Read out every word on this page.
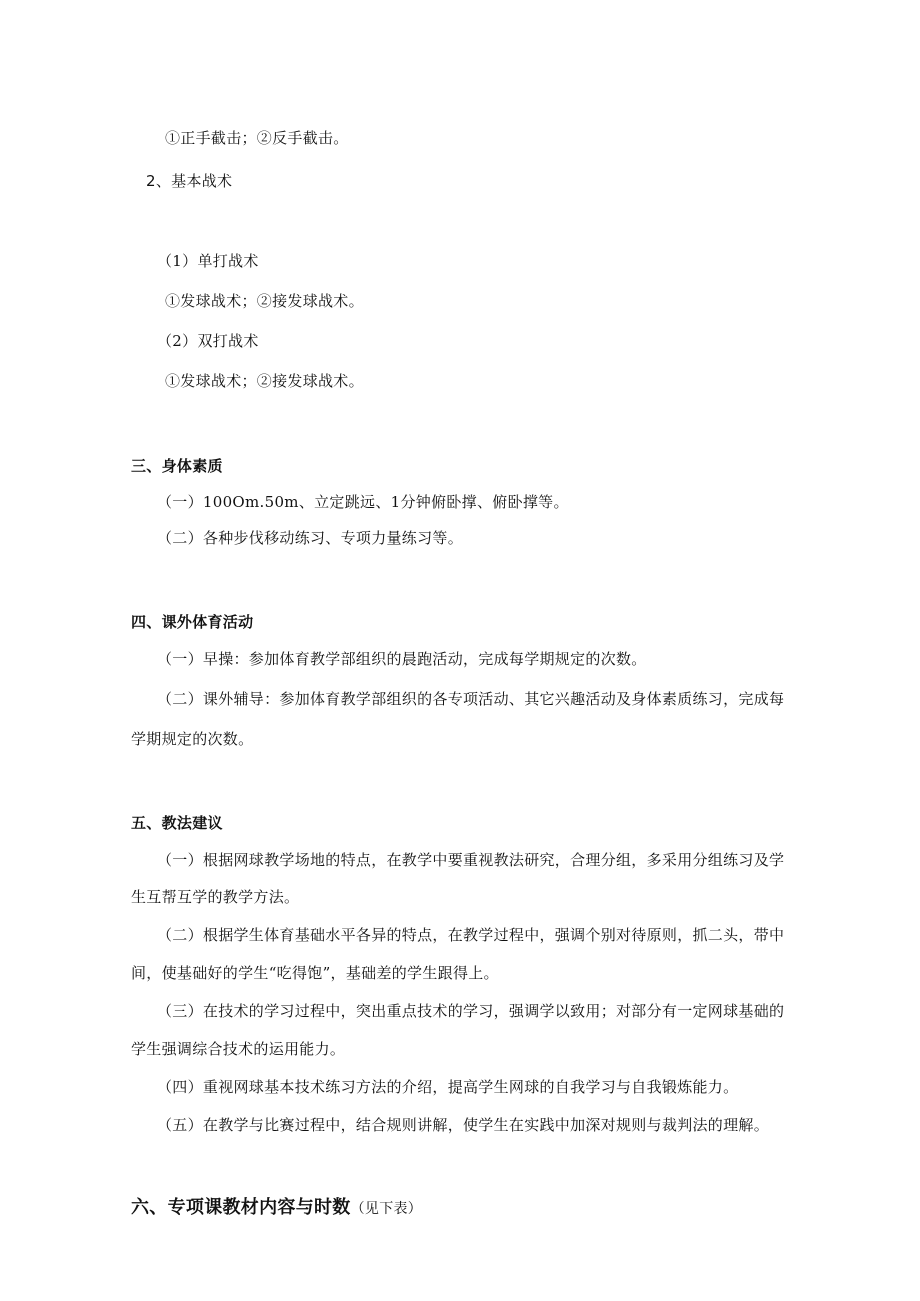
①正手截击；②反手截击。
2、基本战术
（1）单打战术
①发球战术；②接发球战术。
（2）双打战术
①发球战术；②接发球战术。
三、身体素质
（一）100Om.50m、立定跳远、1分钟俯卧撑、俯卧撑等。
（二）各种步伐移动练习、专项力量练习等。
四、课外体育活动
（一）早操：参加体育教学部组织的晨跑活动，完成每学期规定的次数。
（二）课外辅导：参加体育教学部组织的各专项活动、其它兴趣活动及身体素质练习，完成每
学期规定的次数。
五、教法建议
（一）根据网球教学场地的特点，在教学中要重视教法研究，合理分组，多采用分组练习及学
生互帮互学的教学方法。
（二）根据学生体育基础水平各异的特点，在教学过程中，强调个别对待原则，抓二头，带中
间，使基础好的学生“吃得饱”，基础差的学生跟得上。
（三）在技术的学习过程中，突出重点技术的学习，强调学以致用；对部分有一定网球基础的
学生强调综合技术的运用能力。
（四）重视网球基本技术练习方法的介绍，提高学生网球的自我学习与自我锻炼能力。
（五）在教学与比赛过程中，结合规则讲解，使学生在实践中加深对规则与裁判法的理解。
六、专项课教材内容与时数（见下表）
